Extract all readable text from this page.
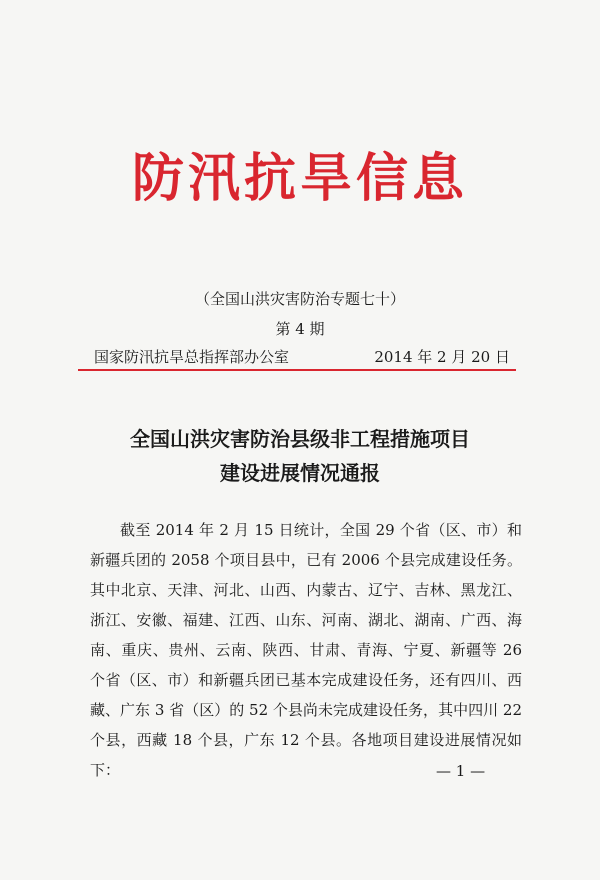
防汛抗旱信息
（全国山洪灾害防治专题七十）
第 4 期
国家防汛抗旱总指挥部办公室	2014 年 2 月 20 日
全国山洪灾害防治县级非工程措施项目
建设进展情况通报

截至 2014 年 2 月 15 日统计，全国 29 个省（区、市）和新疆兵团的 2058 个项目县中，已有 2006 个县完成建设任务。其中北京、天津、河北、山西、内蒙古、辽宁、吉林、黑龙江、浙江、安徽、福建、江西、山东、河南、湖北、湖南、广西、海南、重庆、贵州、云南、陕西、甘肃、青海、宁夏、新疆等 26 个省（区、市）和新疆兵团已基本完成建设任务，还有四川、西藏、广东 3 省（区）的 52 个县尚未完成建设任务，其中四川 22 个县，西藏 18 个县，广东 12 个县。各地项目建设进展情况如下：	— 1 —
